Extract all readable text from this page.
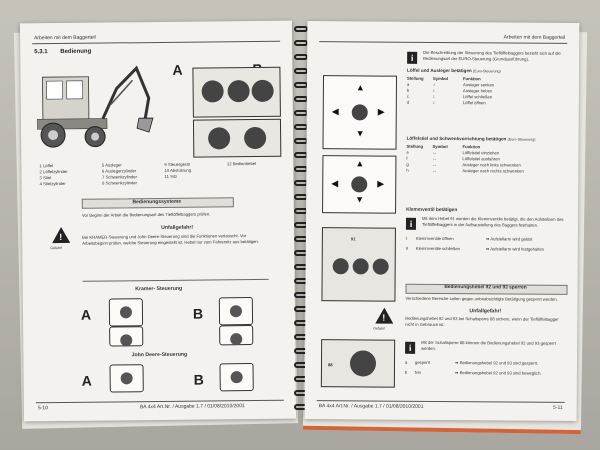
Arbeiten mit dem Baggerteil
5.3.1 Bedienung
A
1 Löffel	5 Ausleger	9 Steuergerät	12 Bedienhebel
2 Löffelzylinder	6 Auslegerzylinder	10 Abstützung
3 Stiel	7 Schwenkzylinder	11 Sitz
4 Stielzylinder	8 Schwenkzylinder
Bedienungssysteme
Vor Beginn der Arbeit die Bedienungsart des Tieflöffelbaggers prüfen.
!
Gefahr!
Unfallgefahr!
Bei KRAMER-Steuerung und John Deere-Steuerung sind die Funktionen vertauscht. Vor Arbeitsbeginn prüfen, welche Steuerung eingestellt ist. Hebel nur vom Fahrersitz aus betätigen.
Kramer- Steuerung
A	B
John Deere-Steuerung
A	B
5-10	BA 4x4 Art.Nr. / Ausgabe 1.7 / 01/08/2010/2001
Arbeiten mit dem Baggerteil
i	Die Beschreibung der Steuerung des Tieflöffelbaggers bezieht sich auf die Bedienungsart der EURO-Steuerung (Grundausführung).
Löffel und Ausleger betätigen (Euro-Steuerung)
▲
▼
◀	▶
Stellung	Symbol	Funktion
a	↕	Ausleger senken
b	↕	Ausleger heben
c	↕	Löffel schließen
d	↕	Löffel öffnen
Löffelstiel und Schwenkvorrichtung betätigen (Euro-Steuerung)
▲
▼
◀	▶
Stellung	Symbol	Funktion
e	↔	Löffelstiel einziehen
f	↔	Löffelstiel ausfahren
g	↔	Ausleger nach links schwenken
h	↔	Ausleger nach rechts schwenken
Klemmventil betätigen
i	Mit dem Hebel 91 werden die Klemmventile betätigt, die den Aufstellarm des Tieflöffelbaggers in der Aufbaustellung des Baggers festhalten.
91	I	Klemmventile öffnen	➡ Aufstellarm wird gelöst
II	Klemmventile schließen	➡ Aufstellarm wird festgehalten
Bedienungshebel 92 und 93 sperren
Verschiedene Bereiche sollen gegen unbeabsichtigte Betätigung gesperrt werden.
!
Gefahr!
Unfallgefahr!
Bedienungshebel 92 und 93 bei Schaltsperre 88 sichern, wenn der Tieflöffelbagger nicht in Gebrauch ist.
88
i	Mit der Schaltsperre 88 können die Bedienungshebel 92 und 93 gesperrt werden.
a	gesperrt	➡ Bedienungshebel 92 und 93 sind gesperrt.
b	frei	➡ Bedienungshebel 92 und 93 sind beweglich.
BA 4x4 Art.Nr. / Ausgabe 1.7 / 01/08/2010/2001	5-11
